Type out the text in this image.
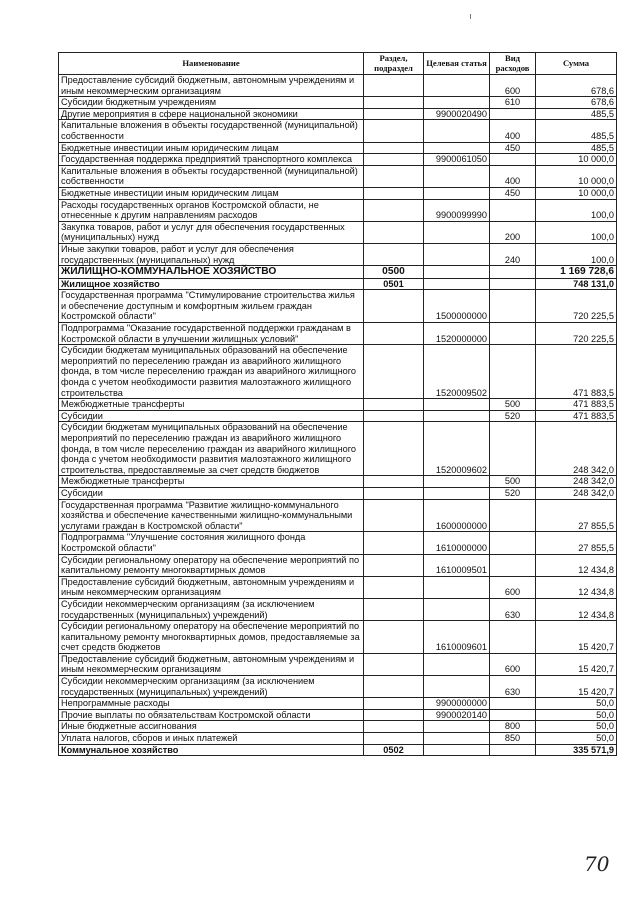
Наименование	Раздел, подраздел	Целевая статья	Вид расходов	Сумма
Предоставление субсидий бюджетным, автономным учреждениям и иным некоммерческим организациям			600	678,6
Субсидии бюджетным учреждениям			610	678,6
Другие мероприятия в сфере национальной экономики		9900020490		485,5
Капитальные вложения в объекты государственной (муниципальной) собственности			400	485,5
Бюджетные инвестиции иным юридическим лицам			450	485,5
Государственная поддержка предприятий транспортного комплекса		9900061050		10 000,0
Капитальные вложения в объекты государственной (муниципальной) собственности			400	10 000,0
Бюджетные инвестиции иным юридическим лицам			450	10 000,0
Расходы государственных органов Костромской области, не отнесенные к другим направлениям расходов		9900099990		100,0
Закупка товаров, работ и услуг для обеспечения государственных (муниципальных) нужд			200	100,0
Иные закупки товаров, работ и услуг для обеспечения государственных (муниципальных) нужд			240	100,0
ЖИЛИЩНО-КОММУНАЛЬНОЕ ХОЗЯЙСТВО	0500			1 169 728,6
Жилищное хозяйство	0501			748 131,0
Государственная программа "Стимулирование строительства жилья и обеспечение доступным и комфортным жильем граждан Костромской области"		1500000000		720 225,5
Подпрограмма "Оказание государственной поддержки гражданам в Костромской области в улучшении жилищных условий"		1520000000		720 225,5
Субсидии бюджетам муниципальных образований на обеспечение мероприятий по переселению граждан из аварийного жилищного фонда, в том числе переселению граждан из аварийного жилищного фонда с учетом необходимости развития малоэтажного жилищного строительства		1520009502		471 883,5
Межбюджетные трансферты			500	471 883,5
Субсидии			520	471 883,5
Субсидии бюджетам муниципальных образований на обеспечение мероприятий по переселению граждан из аварийного жилищного фонда, в том числе переселению граждан из аварийного жилищного фонда с учетом необходимости развития малоэтажного жилищного строительства, предоставляемые за счет средств бюджетов		1520009602		248 342,0
Межбюджетные трансферты			500	248 342,0
Субсидии			520	248 342,0
Государственная программа "Развитие жилищно-коммунального хозяйства и обеспечение качественными жилищно-коммунальными услугами граждан в Костромской области"		1600000000		27 855,5
Подпрограмма "Улучшение состояния жилищного фонда Костромской области"		1610000000		27 855,5
Субсидии региональному оператору на обеспечение мероприятий по капитальному ремонту многоквартирных домов		1610009501		12 434,8
Предоставление субсидий бюджетным, автономным учреждениям и иным некоммерческим организациям			600	12 434,8
Субсидии некоммерческим организациям (за исключением государственных (муниципальных) учреждений)			630	12 434,8
Субсидии региональному оператору на обеспечение мероприятий по капитальному ремонту многоквартирных домов, предоставляемые за счет средств бюджетов		1610009601		15 420,7
Предоставление субсидий бюджетным, автономным учреждениям и иным некоммерческим организациям			600	15 420,7
Субсидии некоммерческим организациям (за исключением государственных (муниципальных) учреждений)			630	15 420,7
Непрограммные расходы		9900000000		50,0
Прочие выплаты по обязательствам Костромской области		9900020140		50,0
Иные бюджетные ассигнования			800	50,0
Уплата налогов, сборов и иных платежей			850	50,0
Коммунальное хозяйство	0502			335 571,9
70
